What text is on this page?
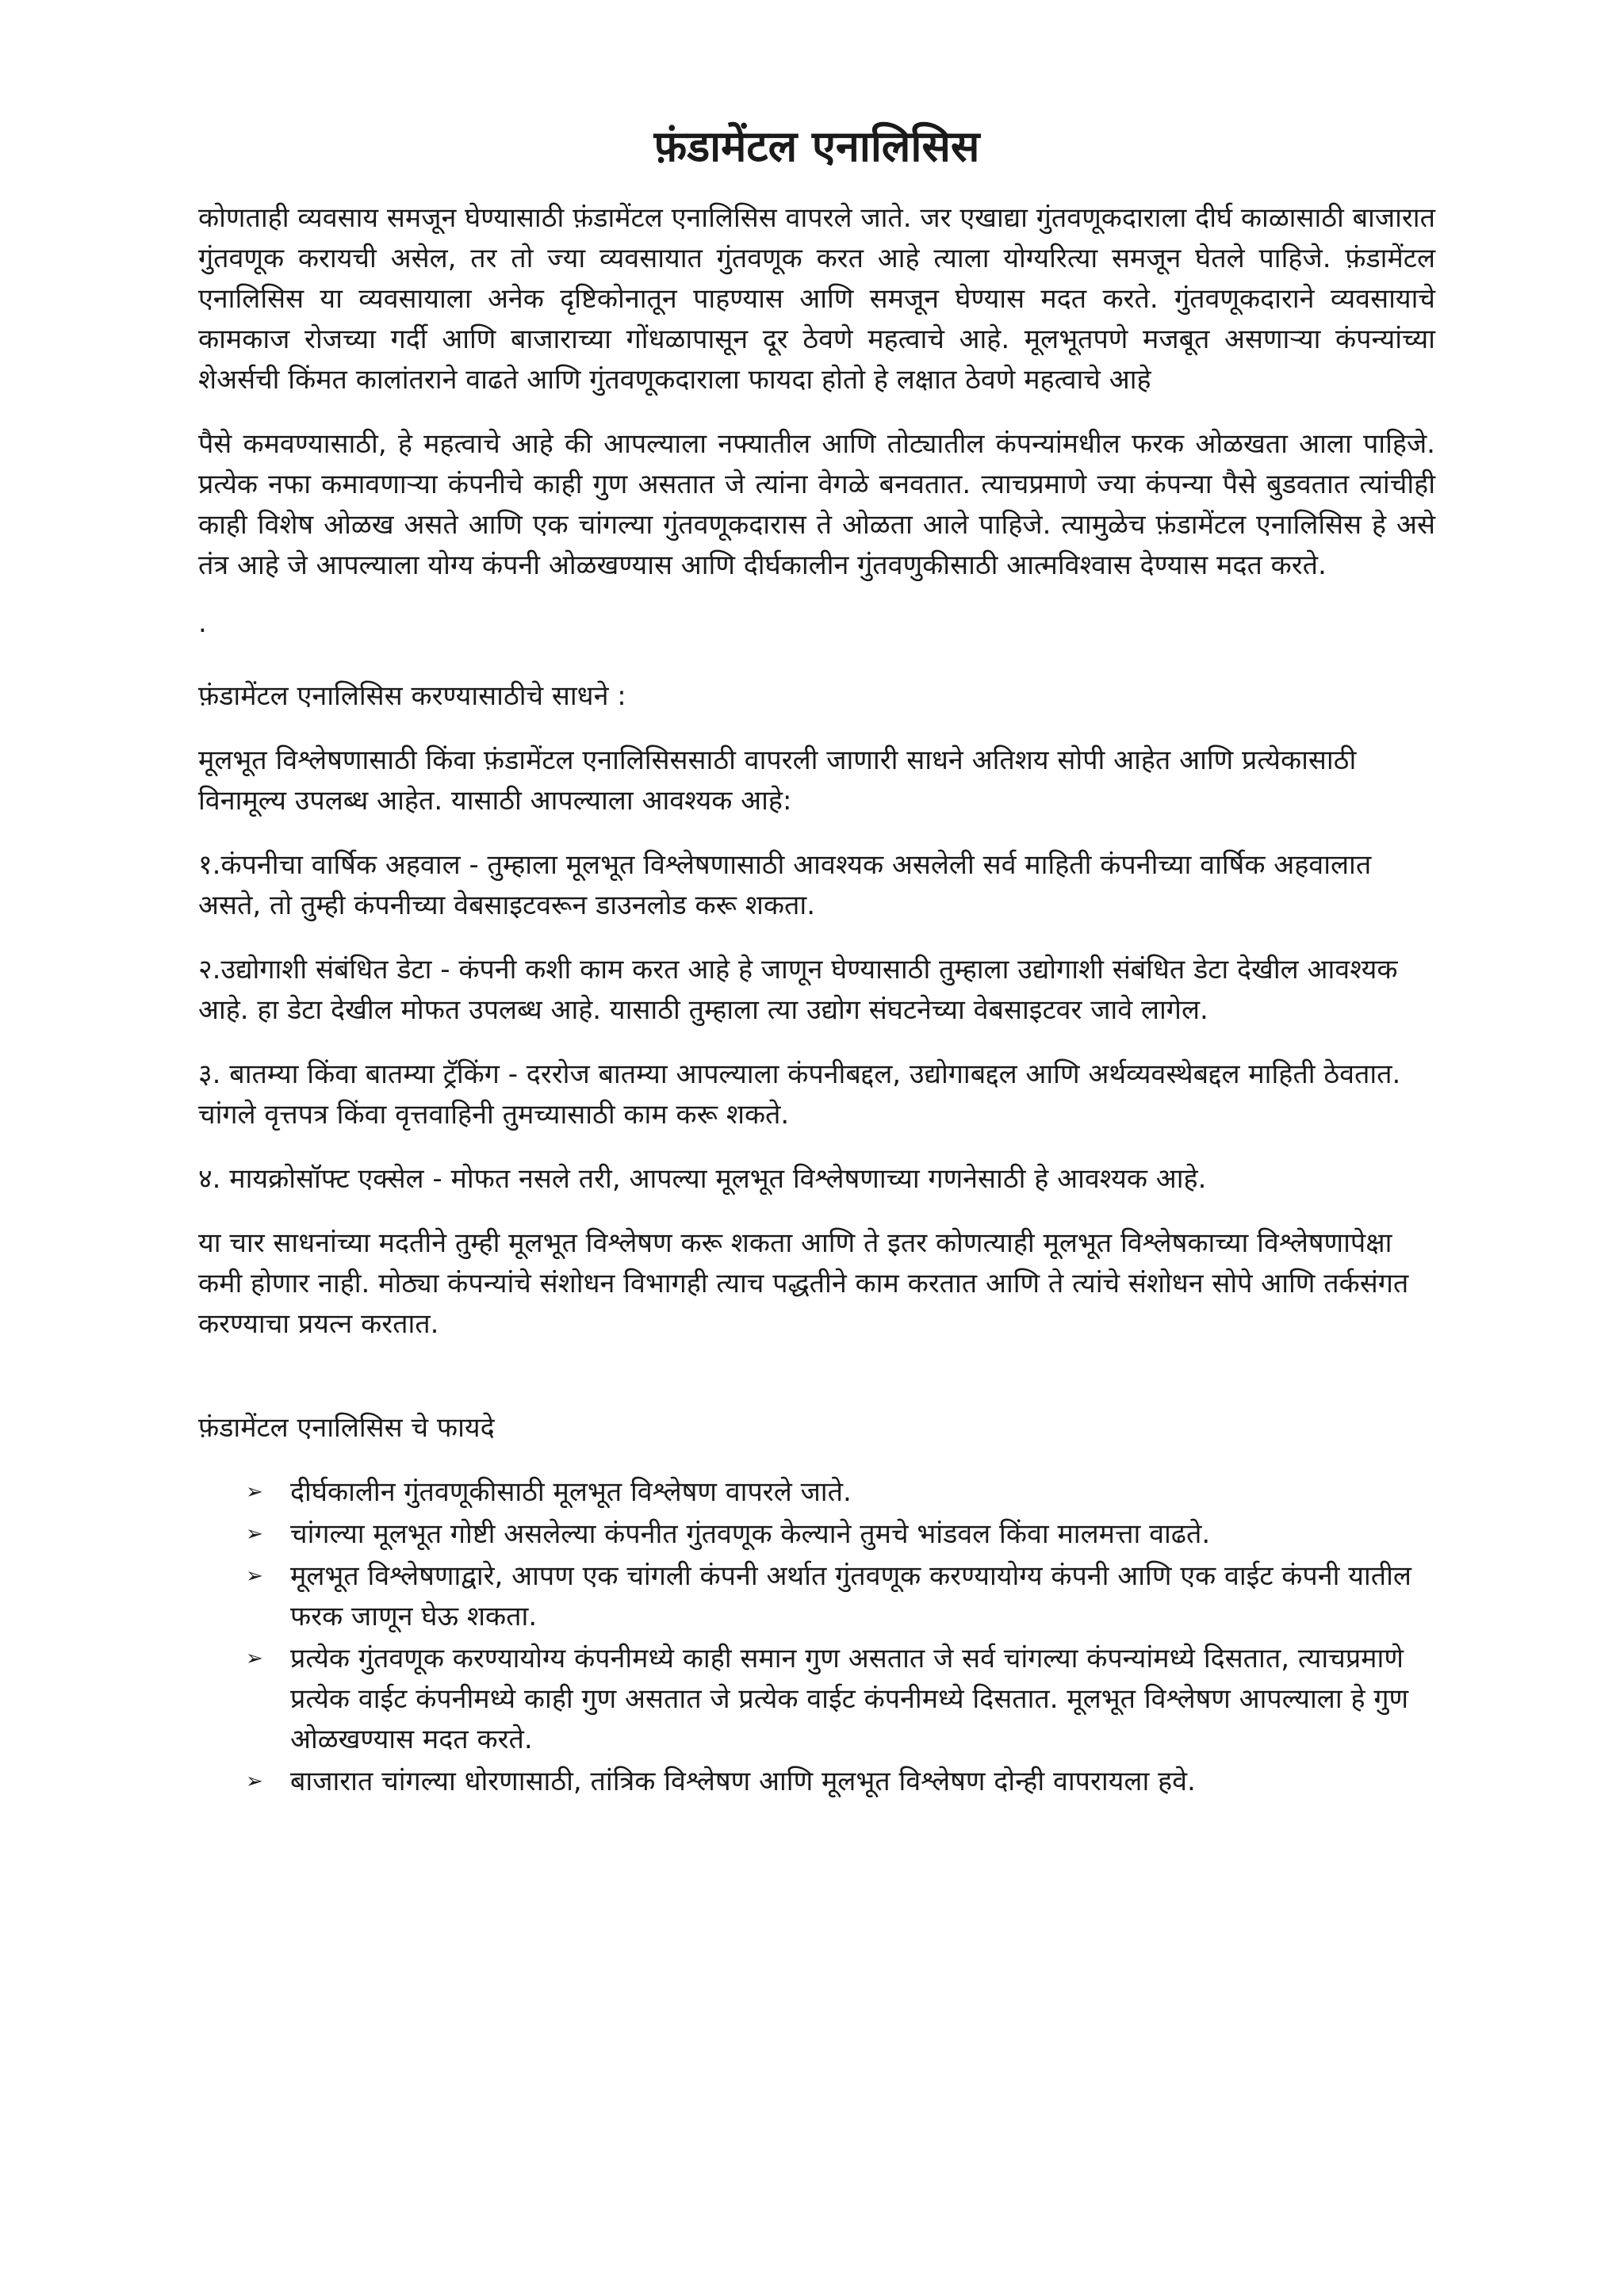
फ़ंडामेंटल एनालिसिस

कोणताही व्यवसाय समजून घेण्यासाठी फ़ंडामेंटल एनालिसिस वापरले जाते. जर एखाद्या गुंतवणूकदाराला दीर्घ काळासाठी बाजारात गुंतवणूक करायची असेल, तर तो ज्या व्यवसायात गुंतवणूक करत आहे त्याला योग्यरित्या समजून घेतले पाहिजे. फ़ंडामेंटल एनालिसिस या व्यवसायाला अनेक दृष्टिकोनातून पाहण्यास आणि समजून घेण्यास मदत करते. गुंतवणूकदाराने व्यवसायाचे कामकाज रोजच्या गर्दी आणि बाजाराच्या गोंधळापासून दूर ठेवणे महत्वाचे आहे. मूलभूतपणे मजबूत असणाऱ्या कंपन्यांच्या शेअर्सची किंमत कालांतराने वाढते आणि गुंतवणूकदाराला फायदा होतो हे लक्षात ठेवणे महत्वाचे आहे

पैसे कमवण्यासाठी, हे महत्वाचे आहे की आपल्याला नफ्यातील आणि तोट्यातील कंपन्यांमधील फरक ओळखता आला पाहिजे. प्रत्येक नफा कमावणाऱ्या कंपनीचे काही गुण असतात जे त्यांना वेगळे बनवतात. त्याचप्रमाणे ज्या कंपन्या पैसे बुडवतात त्यांचीही काही विशेष ओळख असते आणि एक चांगल्या गुंतवणूकदारास ते ओळता आले पाहिजे. त्यामुळेच फ़ंडामेंटल एनालिसिस हे असे तंत्र आहे जे आपल्याला योग्य कंपनी ओळखण्यास आणि दीर्घकालीन गुंतवणुकीसाठी आत्मविश्वास देण्यास मदत करते.

.

फ़ंडामेंटल एनालिसिस करण्यासाठीचे साधने :

मूलभूत विश्लेषणासाठी किंवा फ़ंडामेंटल एनालिसिससाठी वापरली जाणारी साधने अतिशय सोपी आहेत आणि प्रत्येकासाठी विनामूल्य उपलब्ध आहेत. यासाठी आपल्याला आवश्यक आहे:

१.कंपनीचा वार्षिक अहवाल - तुम्हाला मूलभूत विश्लेषणासाठी आवश्यक असलेली सर्व माहिती कंपनीच्या वार्षिक अहवालात असते, तो तुम्ही कंपनीच्या वेबसाइटवरून डाउनलोड करू शकता.

२.उद्योगाशी संबंधित डेटा - कंपनी कशी काम करत आहे हे जाणून घेण्यासाठी तुम्हाला उद्योगाशी संबंधित डेटा देखील आवश्यक आहे. हा डेटा देखील मोफत उपलब्ध आहे. यासाठी तुम्हाला त्या उद्योग संघटनेच्या वेबसाइटवर जावे लागेल.

३. बातम्या किंवा बातम्या ट्रॅकिंग - दररोज बातम्या आपल्याला कंपनीबद्दल, उद्योगाबद्दल आणि अर्थव्यवस्थेबद्दल माहिती ठेवतात. चांगले वृत्तपत्र किंवा वृत्तवाहिनी तुमच्यासाठी काम करू शकते.

४. मायक्रोसॉफ्ट एक्सेल - मोफत नसले तरी, आपल्या मूलभूत विश्लेषणाच्या गणनेसाठी हे आवश्यक आहे.

या चार साधनांच्या मदतीने तुम्ही मूलभूत विश्लेषण करू शकता आणि ते इतर कोणत्याही मूलभूत विश्लेषकाच्या विश्लेषणापेक्षा कमी होणार नाही. मोठ्या कंपन्यांचे संशोधन विभागही त्याच पद्धतीने काम करतात आणि ते त्यांचे संशोधन सोपे आणि तर्कसंगत करण्याचा प्रयत्न करतात.

फ़ंडामेंटल एनालिसिस चे फायदे

➢ दीर्घकालीन गुंतवणूकीसाठी मूलभूत विश्लेषण वापरले जाते.
➢ चांगल्या मूलभूत गोष्टी असलेल्या कंपनीत गुंतवणूक केल्याने तुमचे भांडवल किंवा मालमत्ता वाढते.
➢ मूलभूत विश्लेषणाद्वारे, आपण एक चांगली कंपनी अर्थात गुंतवणूक करण्यायोग्य कंपनी आणि एक वाईट कंपनी यातील फरक जाणून घेऊ शकता.
➢ प्रत्येक गुंतवणूक करण्यायोग्य कंपनीमध्ये काही समान गुण असतात जे सर्व चांगल्या कंपन्यांमध्ये दिसतात, त्याचप्रमाणे प्रत्येक वाईट कंपनीमध्ये काही गुण असतात जे प्रत्येक वाईट कंपनीमध्ये दिसतात. मूलभूत विश्लेषण आपल्याला हे गुण ओळखण्यास मदत करते.
➢ बाजारात चांगल्या धोरणासाठी, तांत्रिक विश्लेषण आणि मूलभूत विश्लेषण दोन्ही वापरायला हवे.
